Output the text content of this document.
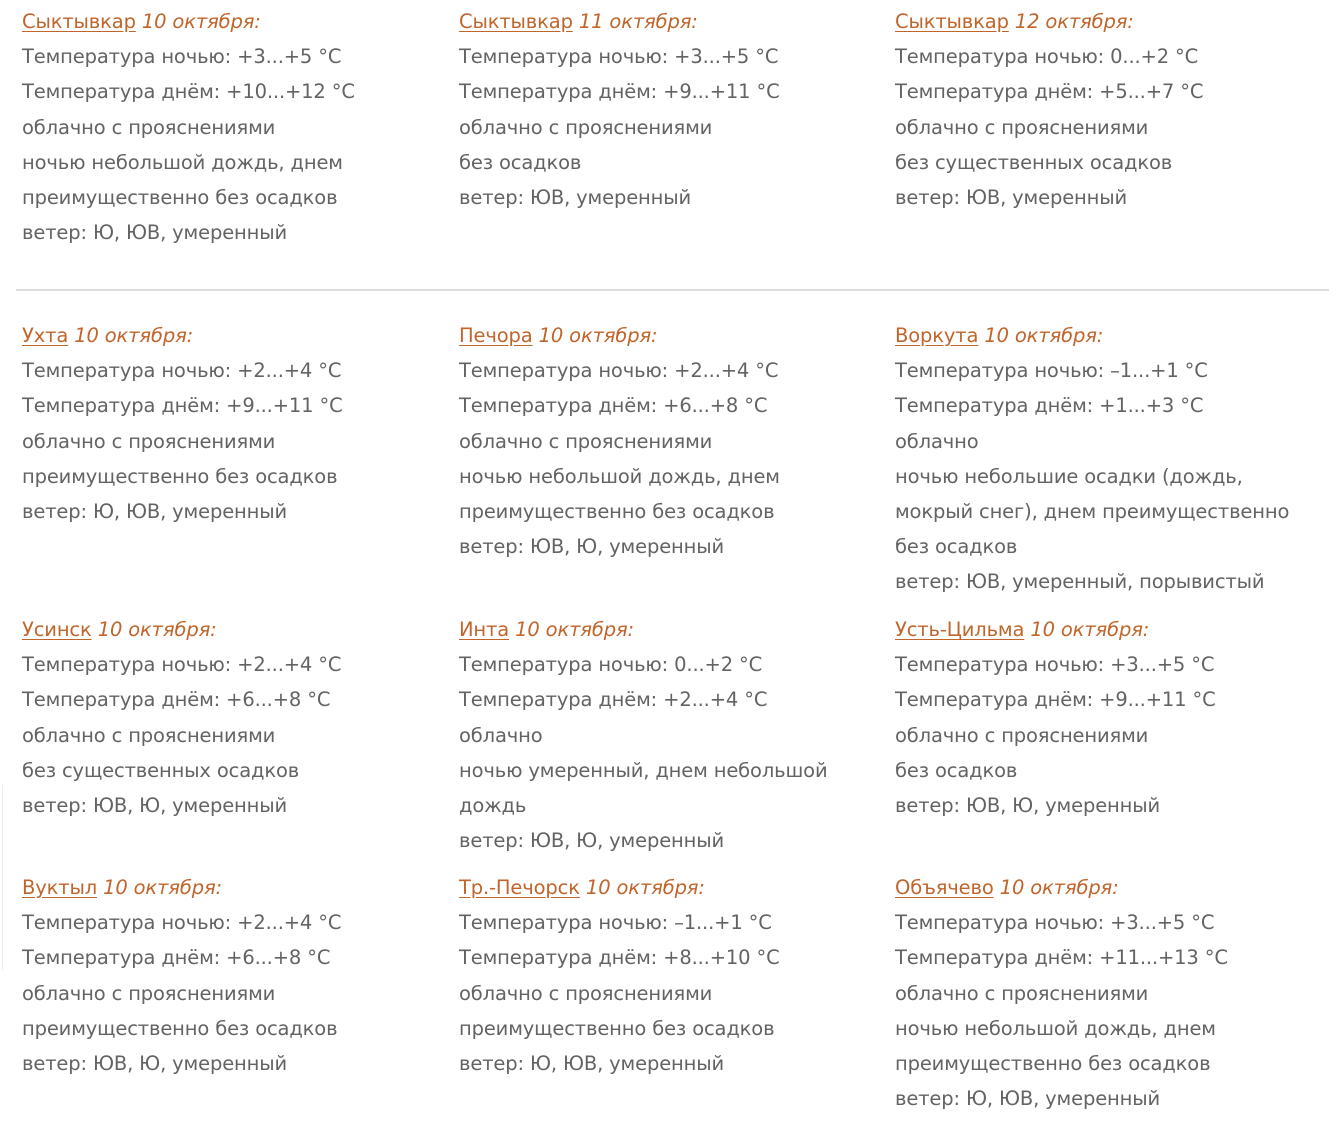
Сыктывкар 10 октября:
Температура ночью: +3...+5 °C
Температура днём: +10...+12 °C
облачно с прояснениями
ночью небольшой дождь, днем
преимущественно без осадков
ветер: Ю, ЮВ, умеренный
Сыктывкар 11 октября:
Температура ночью: +3...+5 °C
Температура днём: +9...+11 °C
облачно с прояснениями
без осадков
ветер: ЮВ, умеренный
Сыктывкар 12 октября:
Температура ночью: 0...+2 °C
Температура днём: +5...+7 °C
облачно с прояснениями
без существенных осадков
ветер: ЮВ, умеренный
Ухта 10 октября:
Температура ночью: +2...+4 °C
Температура днём: +9...+11 °C
облачно с прояснениями
преимущественно без осадков
ветер: Ю, ЮВ, умеренный
Печора 10 октября:
Температура ночью: +2...+4 °C
Температура днём: +6...+8 °C
облачно с прояснениями
ночью небольшой дождь, днем
преимущественно без осадков
ветер: ЮВ, Ю, умеренный
Воркута 10 октября:
Температура ночью: –1...+1 °C
Температура днём: +1...+3 °C
облачно
ночью небольшие осадки (дождь,
мокрый снег), днем преимущественно
без осадков
ветер: ЮВ, умеренный, порывистый
Усинск 10 октября:
Температура ночью: +2...+4 °C
Температура днём: +6...+8 °C
облачно с прояснениями
без существенных осадков
ветер: ЮВ, Ю, умеренный
Инта 10 октября:
Температура ночью: 0...+2 °C
Температура днём: +2...+4 °C
облачно
ночью умеренный, днем небольшой
дождь
ветер: ЮВ, Ю, умеренный
Усть-Цильма 10 октября:
Температура ночью: +3...+5 °C
Температура днём: +9...+11 °C
облачно с прояснениями
без осадков
ветер: ЮВ, Ю, умеренный
Вуктыл 10 октября:
Температура ночью: +2...+4 °C
Температура днём: +6...+8 °C
облачно с прояснениями
преимущественно без осадков
ветер: ЮВ, Ю, умеренный
Тр.-Печорск 10 октября:
Температура ночью: –1...+1 °C
Температура днём: +8...+10 °C
облачно с прояснениями
преимущественно без осадков
ветер: Ю, ЮВ, умеренный
Объячево 10 октября:
Температура ночью: +3...+5 °C
Температура днём: +11...+13 °C
облачно с прояснениями
ночью небольшой дождь, днем
преимущественно без осадков
ветер: Ю, ЮВ, умеренный
